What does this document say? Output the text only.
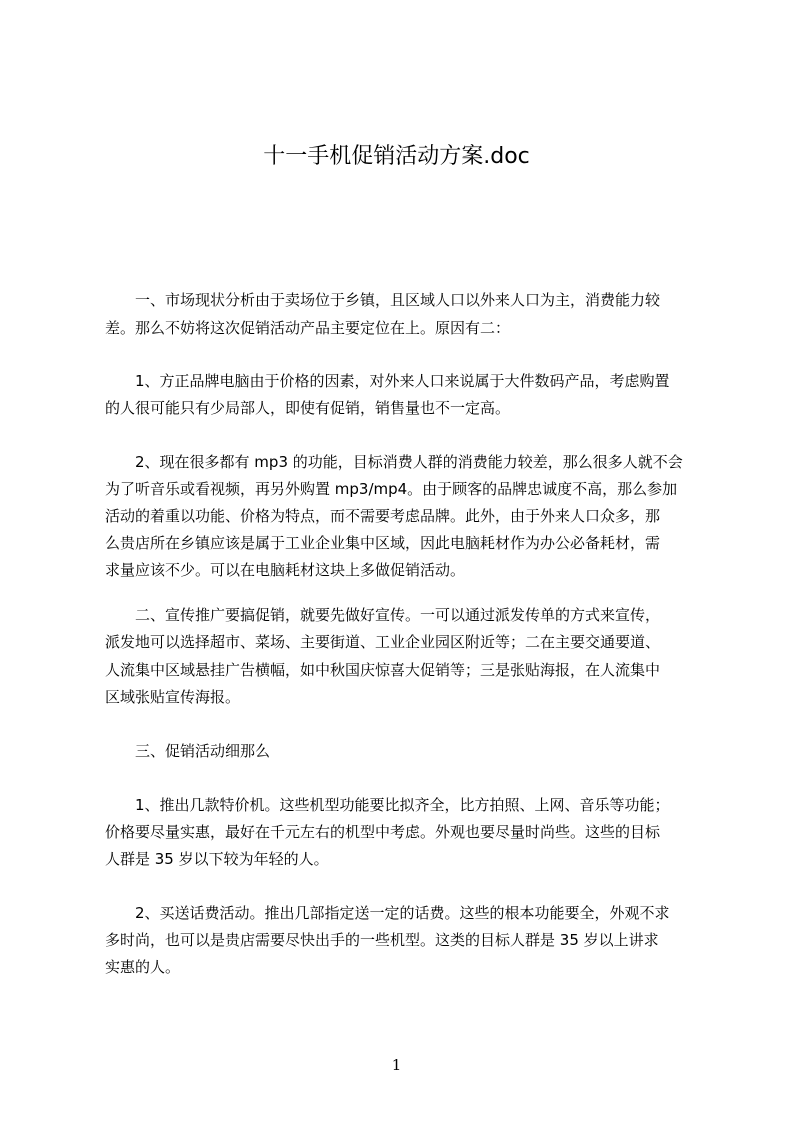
十一手机促销活动方案.doc

　　一、市场现状分析由于卖场位于乡镇，且区域人口以外来人口为主，消费能力较

差。那么不妨将这次促销活动产品主要定位在上。原因有二：

　　1、方正品牌电脑由于价格的因素，对外来人口来说属于大件数码产品，考虑购置

的人很可能只有少局部人，即使有促销，销售量也不一定高。

　　2、现在很多都有 mp3 的功能，目标消费人群的消费能力较差，那么很多人就不会

为了听音乐或看视频，再另外购置 mp3/mp4。由于顾客的品牌忠诚度不高，那么参加

活动的着重以功能、价格为特点，而不需要考虑品牌。此外，由于外来人口众多，那

么贵店所在乡镇应该是属于工业企业集中区域，因此电脑耗材作为办公必备耗材，需

求量应该不少。可以在电脑耗材这块上多做促销活动。

　　二、宣传推广要搞促销，就要先做好宣传。一可以通过派发传单的方式来宣传，

派发地可以选择超市、菜场、主要街道、工业企业园区附近等；二在主要交通要道、

人流集中区域悬挂广告横幅，如中秋国庆惊喜大促销等；三是张贴海报，在人流集中

区域张贴宣传海报。

　　三、促销活动细那么

　　1、推出几款特价机。这些机型功能要比拟齐全，比方拍照、上网、音乐等功能；

价格要尽量实惠，最好在千元左右的机型中考虑。外观也要尽量时尚些。这些的目标

人群是 35 岁以下较为年轻的人。

　　2、买送话费活动。推出几部指定送一定的话费。这些的根本功能要全，外观不求

多时尚，也可以是贵店需要尽快出手的一些机型。这类的目标人群是 35 岁以上讲求

实惠的人。

1
